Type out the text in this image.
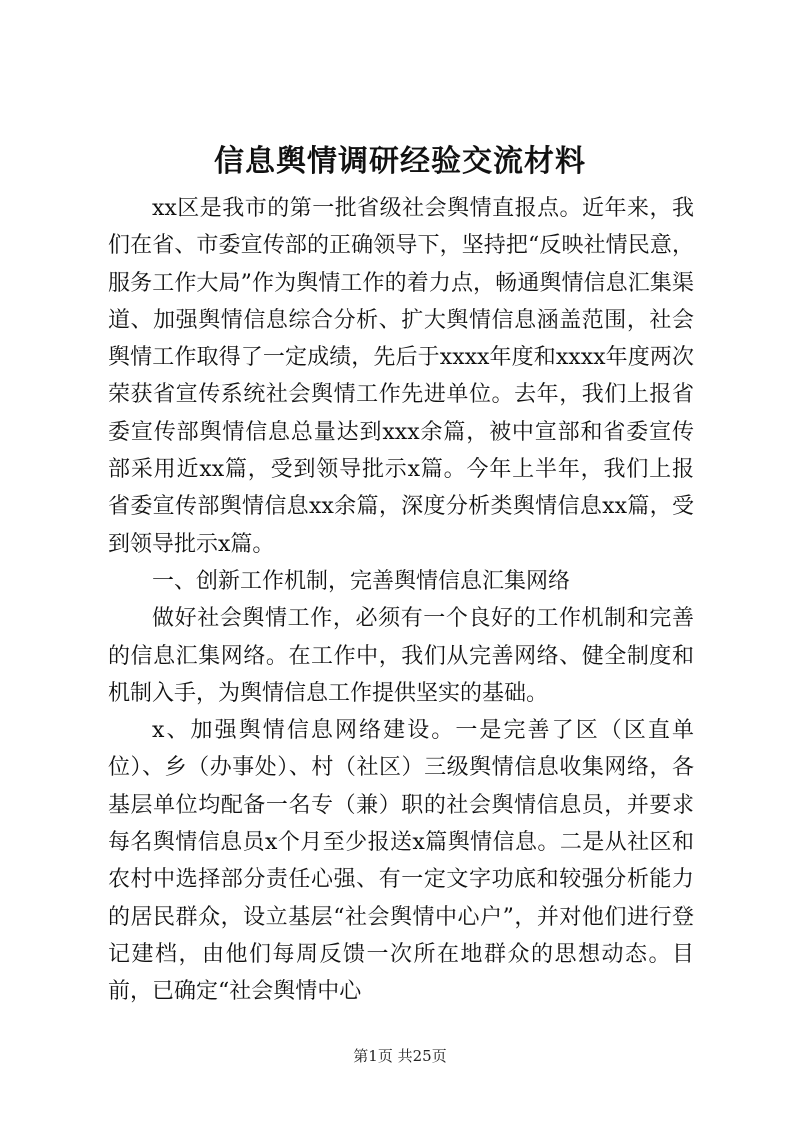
信息舆情调研经验交流材料

xx区是我市的第一批省级社会舆情直报点。近年来，我们在省、市委宣传部的正确领导下，坚持把“反映社情民意，服务工作大局”作为舆情工作的着力点，畅通舆情信息汇集渠道、加强舆情信息综合分析、扩大舆情信息涵盖范围，社会舆情工作取得了一定成绩，先后于xxxx年度和xxxx年度两次荣获省宣传系统社会舆情工作先进单位。去年，我们上报省委宣传部舆情信息总量达到xxx余篇，被中宣部和省委宣传部采用近xx篇，受到领导批示x篇。今年上半年，我们上报省委宣传部舆情信息xx余篇，深度分析类舆情信息xx篇，受到领导批示x篇。

一、创新工作机制，完善舆情信息汇集网络

做好社会舆情工作，必须有一个良好的工作机制和完善的信息汇集网络。在工作中，我们从完善网络、健全制度和机制入手，为舆情信息工作提供坚实的基础。

x、加强舆情信息网络建设。一是完善了区（区直单位）、乡（办事处）、村（社区）三级舆情信息收集网络，各基层单位均配备一名专（兼）职的社会舆情信息员，并要求每名舆情信息员x个月至少报送x篇舆情信息。二是从社区和农村中选择部分责任心强、有一定文字功底和较强分析能力的居民群众，设立基层“社会舆情中心户”，并对他们进行登记建档，由他们每周反馈一次所在地群众的思想动态。目前，已确定“社会舆情中心

第1页 共25页
